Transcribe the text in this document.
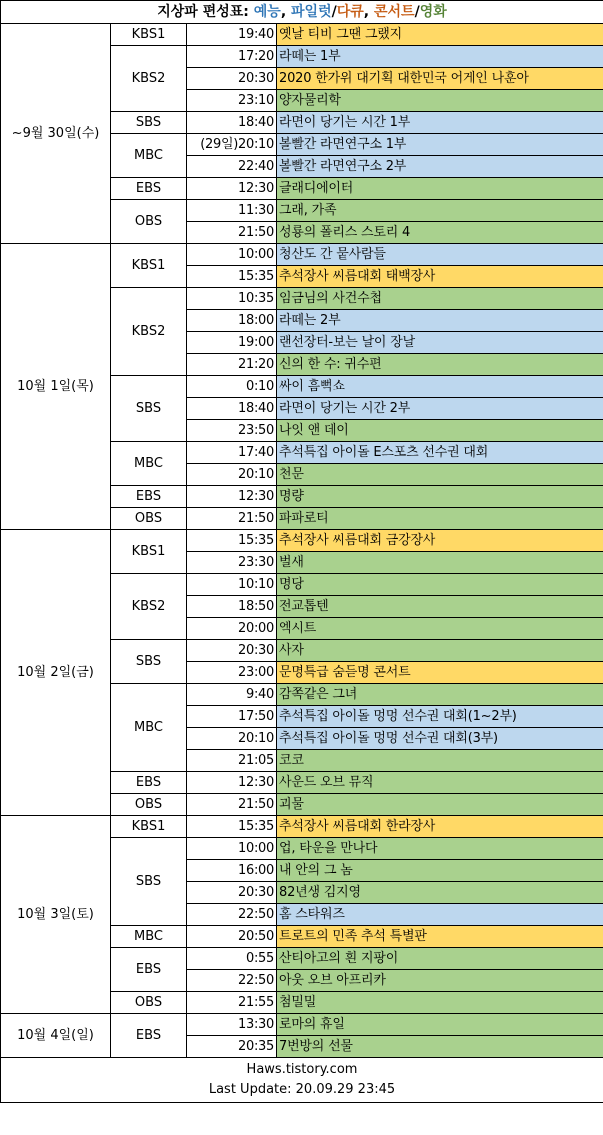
지상파 편성표: 예능, 파일럿/다큐, 콘서트/영화			
~9월 30일(수)	KBS1	19:40	옛날 티비 그땐 그랬지
	KBS2	17:20	라떼는 1부
		20:30	2020 한가위 대기획 대한민국 어게인 나훈아
		23:10	양자물리학
	SBS	18:40	라면이 당기는 시간 1부
	MBC	(29일)20:10	볼빨간 라면연구소 1부
		22:40	볼빨간 라면연구소 2부
	EBS	12:30	글래디에이터
	OBS	11:30	그래, 가족
		21:50	성룡의 폴리스 스토리 4
10월 1일(목)	KBS1	10:00	청산도 간 뭍사람들
		15:35	추석장사 씨름대회 태백장사
	KBS2	10:35	임금님의 사건수첩
		18:00	라떼는 2부
		19:00	랜선장터-보는 날이 장날
		21:20	신의 한 수: 귀수편
	SBS	0:10	싸이 흠뻑쇼
		18:40	라면이 당기는 시간 2부
		23:50	나잇 앤 데이
	MBC	17:40	추석특집 아이돌 E스포츠 선수권 대회
		20:10	천문
	EBS	12:30	명량
	OBS	21:50	파파로티
10월 2일(금)	KBS1	15:35	추석장사 씨름대회 금강장사
		23:30	벌새
	KBS2	10:10	명당
		18:50	전교톱텐
		20:00	엑시트
	SBS	20:30	사자
		23:00	문명특급 숨듣명 콘서트
	MBC	9:40	감쪽같은 그녀
		17:50	추석특집 아이돌 멍멍 선수권 대회(1~2부)
		20:10	추석특집 아이돌 멍멍 선수권 대회(3부)
		21:05	코코
	EBS	12:30	사운드 오브 뮤직
	OBS	21:50	괴물
10월 3일(토)	KBS1	15:35	추석장사 씨름대회 한라장사
	SBS	10:00	업, 타운을 만나다
		16:00	내 안의 그 놈
		20:30	82년생 김지영
		22:50	홈 스타워즈
	MBC	20:50	트로트의 민족 추석 특별판
	EBS	0:55	산티아고의 흰 지팡이
		22:50	아웃 오브 아프리카
	OBS	21:55	첨밀밀
10월 4일(일)	EBS	13:30	로마의 휴일
		20:35	7번방의 선물

Haws.tistory.com
Last Update: 20.09.29 23:45			
